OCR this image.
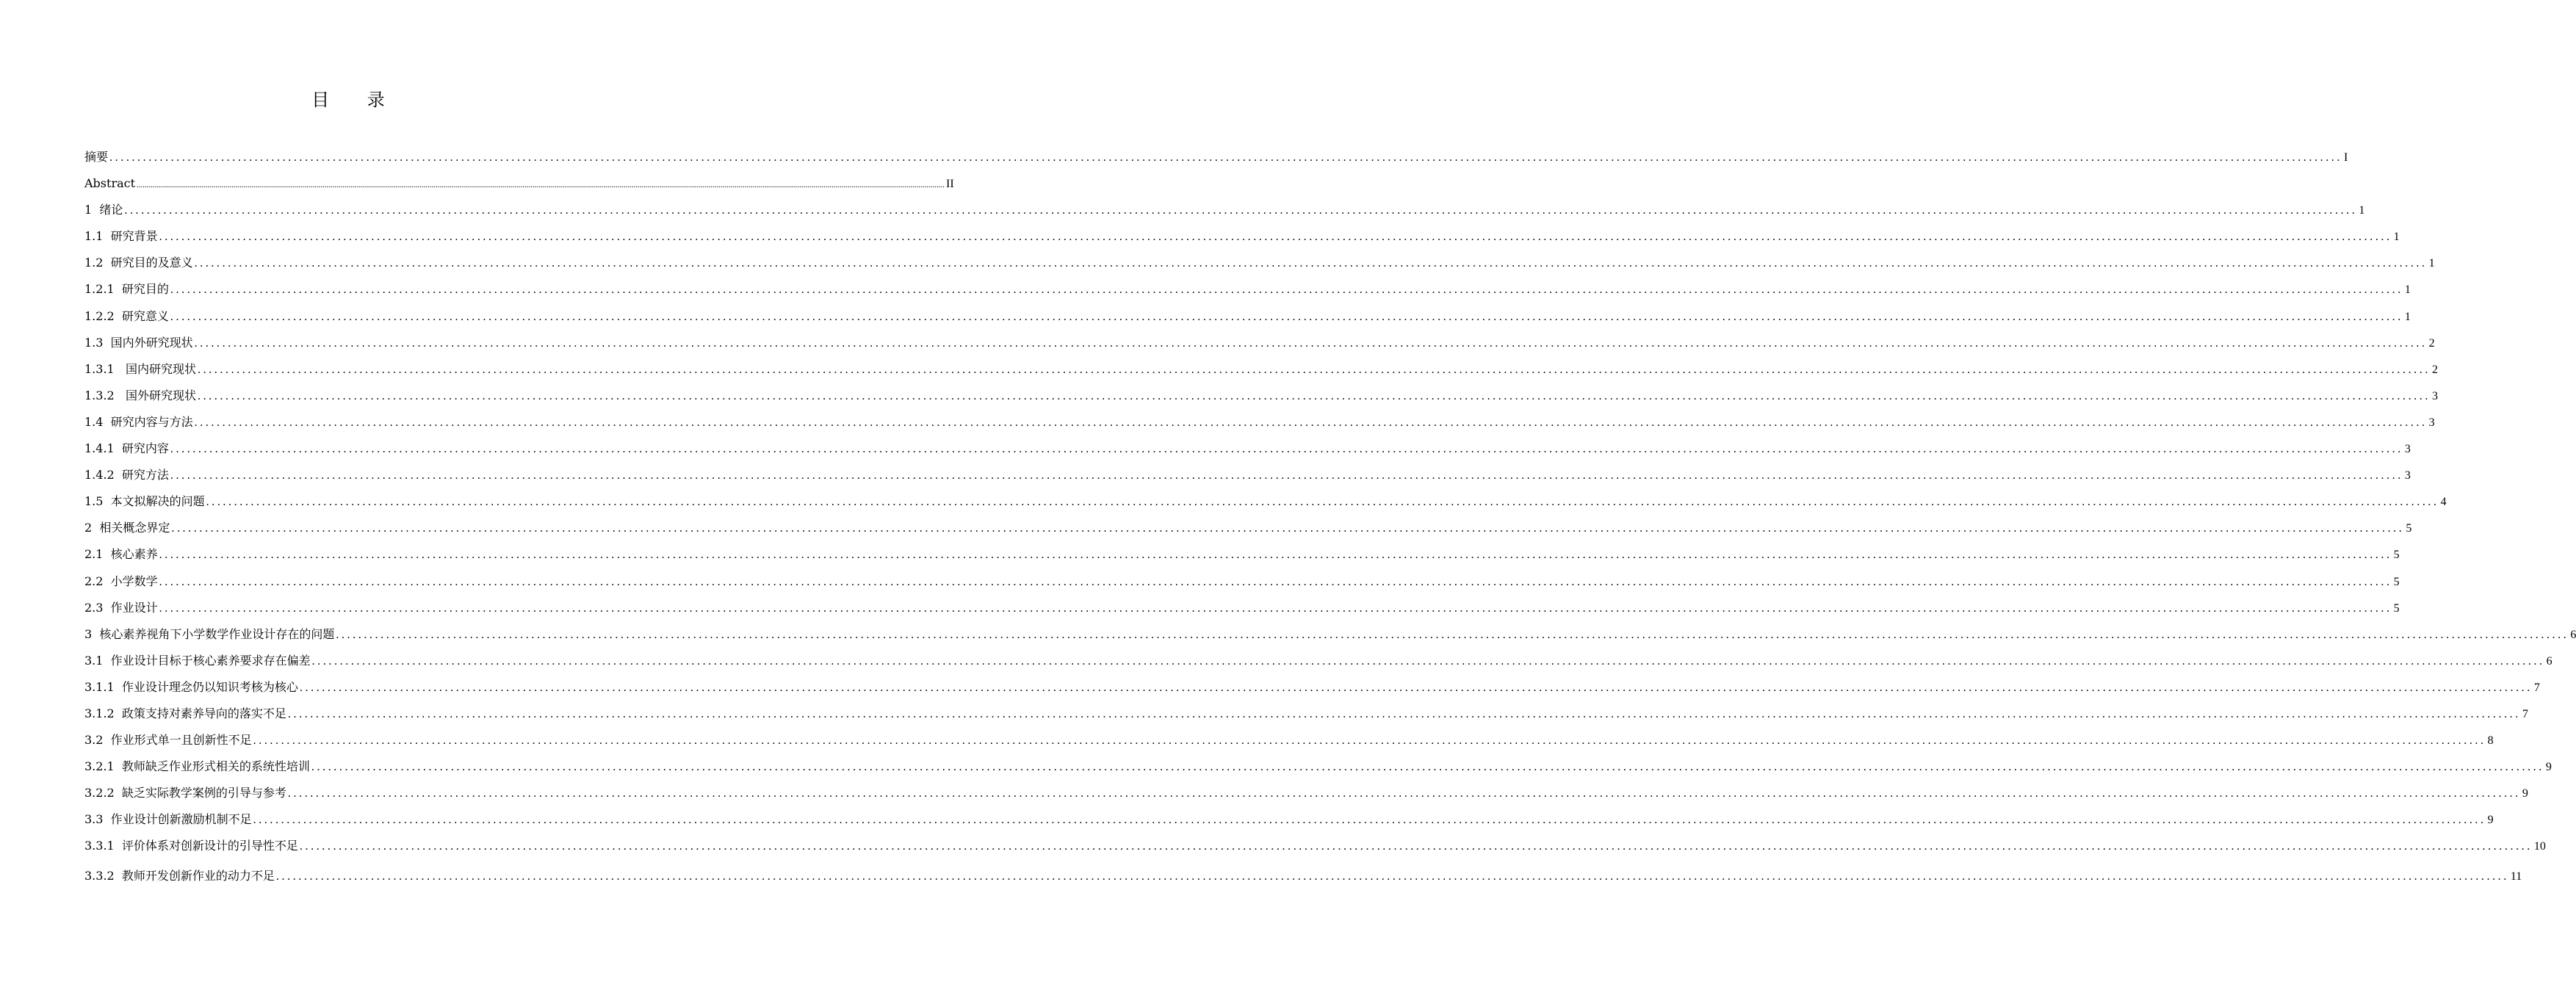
目 录
摘要 ................................................................................................................................................................................................................................................................................................................................................................................................................ I
Abstract ................................................................................................................................................................................................................................................................................................................................................................................................................ II
1  绪论 ................................................................................................................................................................................................................................................................................................................................................................................................................ 1
1.1  研究背景 ................................................................................................................................................................................................................................................................................................................................................................................................................ 1
1.2  研究目的及意义 ................................................................................................................................................................................................................................................................................................................................................................................................................ 1
1.2.1  研究目的 ................................................................................................................................................................................................................................................................................................................................................................................................................ 1
1.2.2  研究意义 ................................................................................................................................................................................................................................................................................................................................................................................................................ 1
1.3  国内外研究现状 ................................................................................................................................................................................................................................................................................................................................................................................................................ 2
1.3.1   国内研究现状 ................................................................................................................................................................................................................................................................................................................................................................................................................ 2
1.3.2   国外研究现状 ................................................................................................................................................................................................................................................................................................................................................................................................................ 3
1.4  研究内容与方法 ................................................................................................................................................................................................................................................................................................................................................................................................................ 3
1.4.1  研究内容 ................................................................................................................................................................................................................................................................................................................................................................................................................ 3
1.4.2  研究方法 ................................................................................................................................................................................................................................................................................................................................................................................................................ 3
1.5  本文拟解决的问题 ................................................................................................................................................................................................................................................................................................................................................................................................................ 4
2  相关概念界定 ................................................................................................................................................................................................................................................................................................................................................................................................................ 5
2.1  核心素养 ................................................................................................................................................................................................................................................................................................................................................................................................................ 5
2.2  小学数学 ................................................................................................................................................................................................................................................................................................................................................................................................................ 5
2.3  作业设计 ................................................................................................................................................................................................................................................................................................................................................................................................................ 5
3  核心素养视角下小学数学作业设计存在的问题 ................................................................................................................................................................................................................................................................................................................................................................................................................ 6
3.1  作业设计目标于核心素养要求存在偏差 ................................................................................................................................................................................................................................................................................................................................................................................................................ 6
3.1.1  作业设计理念仍以知识考核为核心 ................................................................................................................................................................................................................................................................................................................................................................................................................ 7
3.1.2  政策支持对素养导向的落实不足 ................................................................................................................................................................................................................................................................................................................................................................................................................ 7
3.2  作业形式单一且创新性不足 ................................................................................................................................................................................................................................................................................................................................................................................................................ 8
3.2.1  教师缺乏作业形式相关的系统性培训 ................................................................................................................................................................................................................................................................................................................................................................................................................ 9
3.2.2  缺乏实际教学案例的引导与参考 ................................................................................................................................................................................................................................................................................................................................................................................................................ 9
3.3  作业设计创新激励机制不足 ................................................................................................................................................................................................................................................................................................................................................................................................................ 9
3.3.1  评价体系对创新设计的引导性不足 ................................................................................................................................................................................................................................................................................................................................................................................................................ 10
3.3.2  教师开发创新作业的动力不足 ................................................................................................................................................................................................................................................................................................................................................................................................................ 11
